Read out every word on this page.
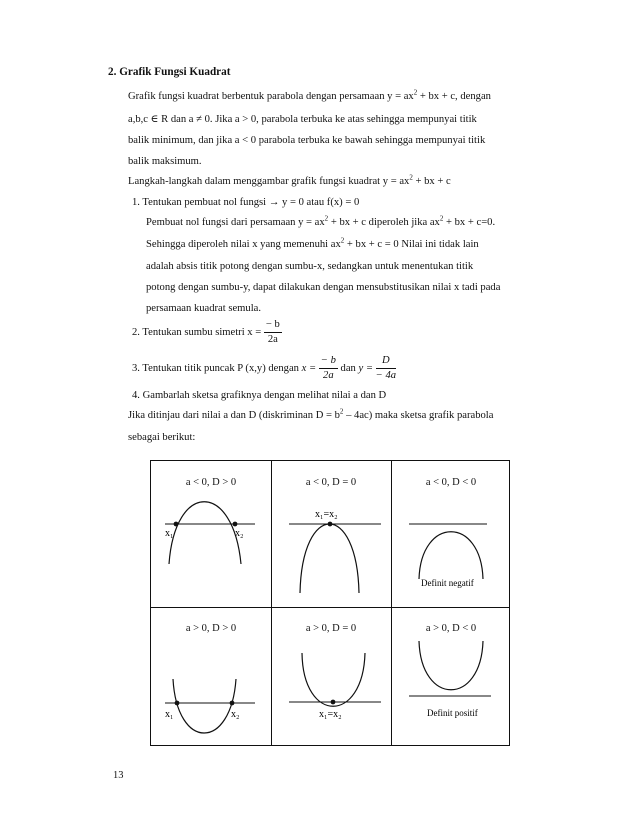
2. Grafik Fungsi Kuadrat
Grafik fungsi kuadrat berbentuk parabola dengan persamaan $y = ax^2$ + bx + c, dengan
a,b,c ∈ R dan a ≠ 0. Jika a > 0, parabola terbuka ke atas sehingga mempunyai titik
balik minimum, dan jika a < 0 parabola terbuka ke bawah sehingga mempunyai titik
balik maksimum.
Langkah-langkah dalam menggambar grafik fungsi kuadrat $y = ax^2$ + bx + c
1. Tentukan pembuat nol fungsi → y = 0 atau f(x) = 0
Pembuat nol fungsi dari persamaan $y = ax^2$ + bx + c diperoleh jika $ax^2$ + bx + c=0.
Sehingga diperoleh nilai x yang memenuhi $ax^2$ + bx + c = 0 Nilai ini tidak lain
adalah absis titik potong dengan sumbu-x, sedangkan untuk menentukan titik
potong dengan sumbu-y, dapat dilakukan dengan mensubstitusikan nilai x tadi pada
persamaan kuadrat semula.
2. Tentukan sumbu simetri $x = \frac{- b}{2a}$
3. Tentukan titik puncak P (x,y) dengan $x = \frac{- b}{2a}$ dan $y = \frac{D}{- 4a}$
4. Gambarlah sketsa grafiknya dengan melihat nilai a dan D
Jika ditinjau dari nilai a dan D (diskriminan $D = b^2 - 4ac$) maka sketsa grafik parabola
sebagai berikut:
a < 0, D > 0	a < 0, D = 0	a < 0, D < 0
a > 0, D > 0	a > 0, D = 0	a > 0, D < 0
x₁	x₂
x₁=x₂
Definit negatif
x₁	x₂	x₁=x₂	Definit positif
13
